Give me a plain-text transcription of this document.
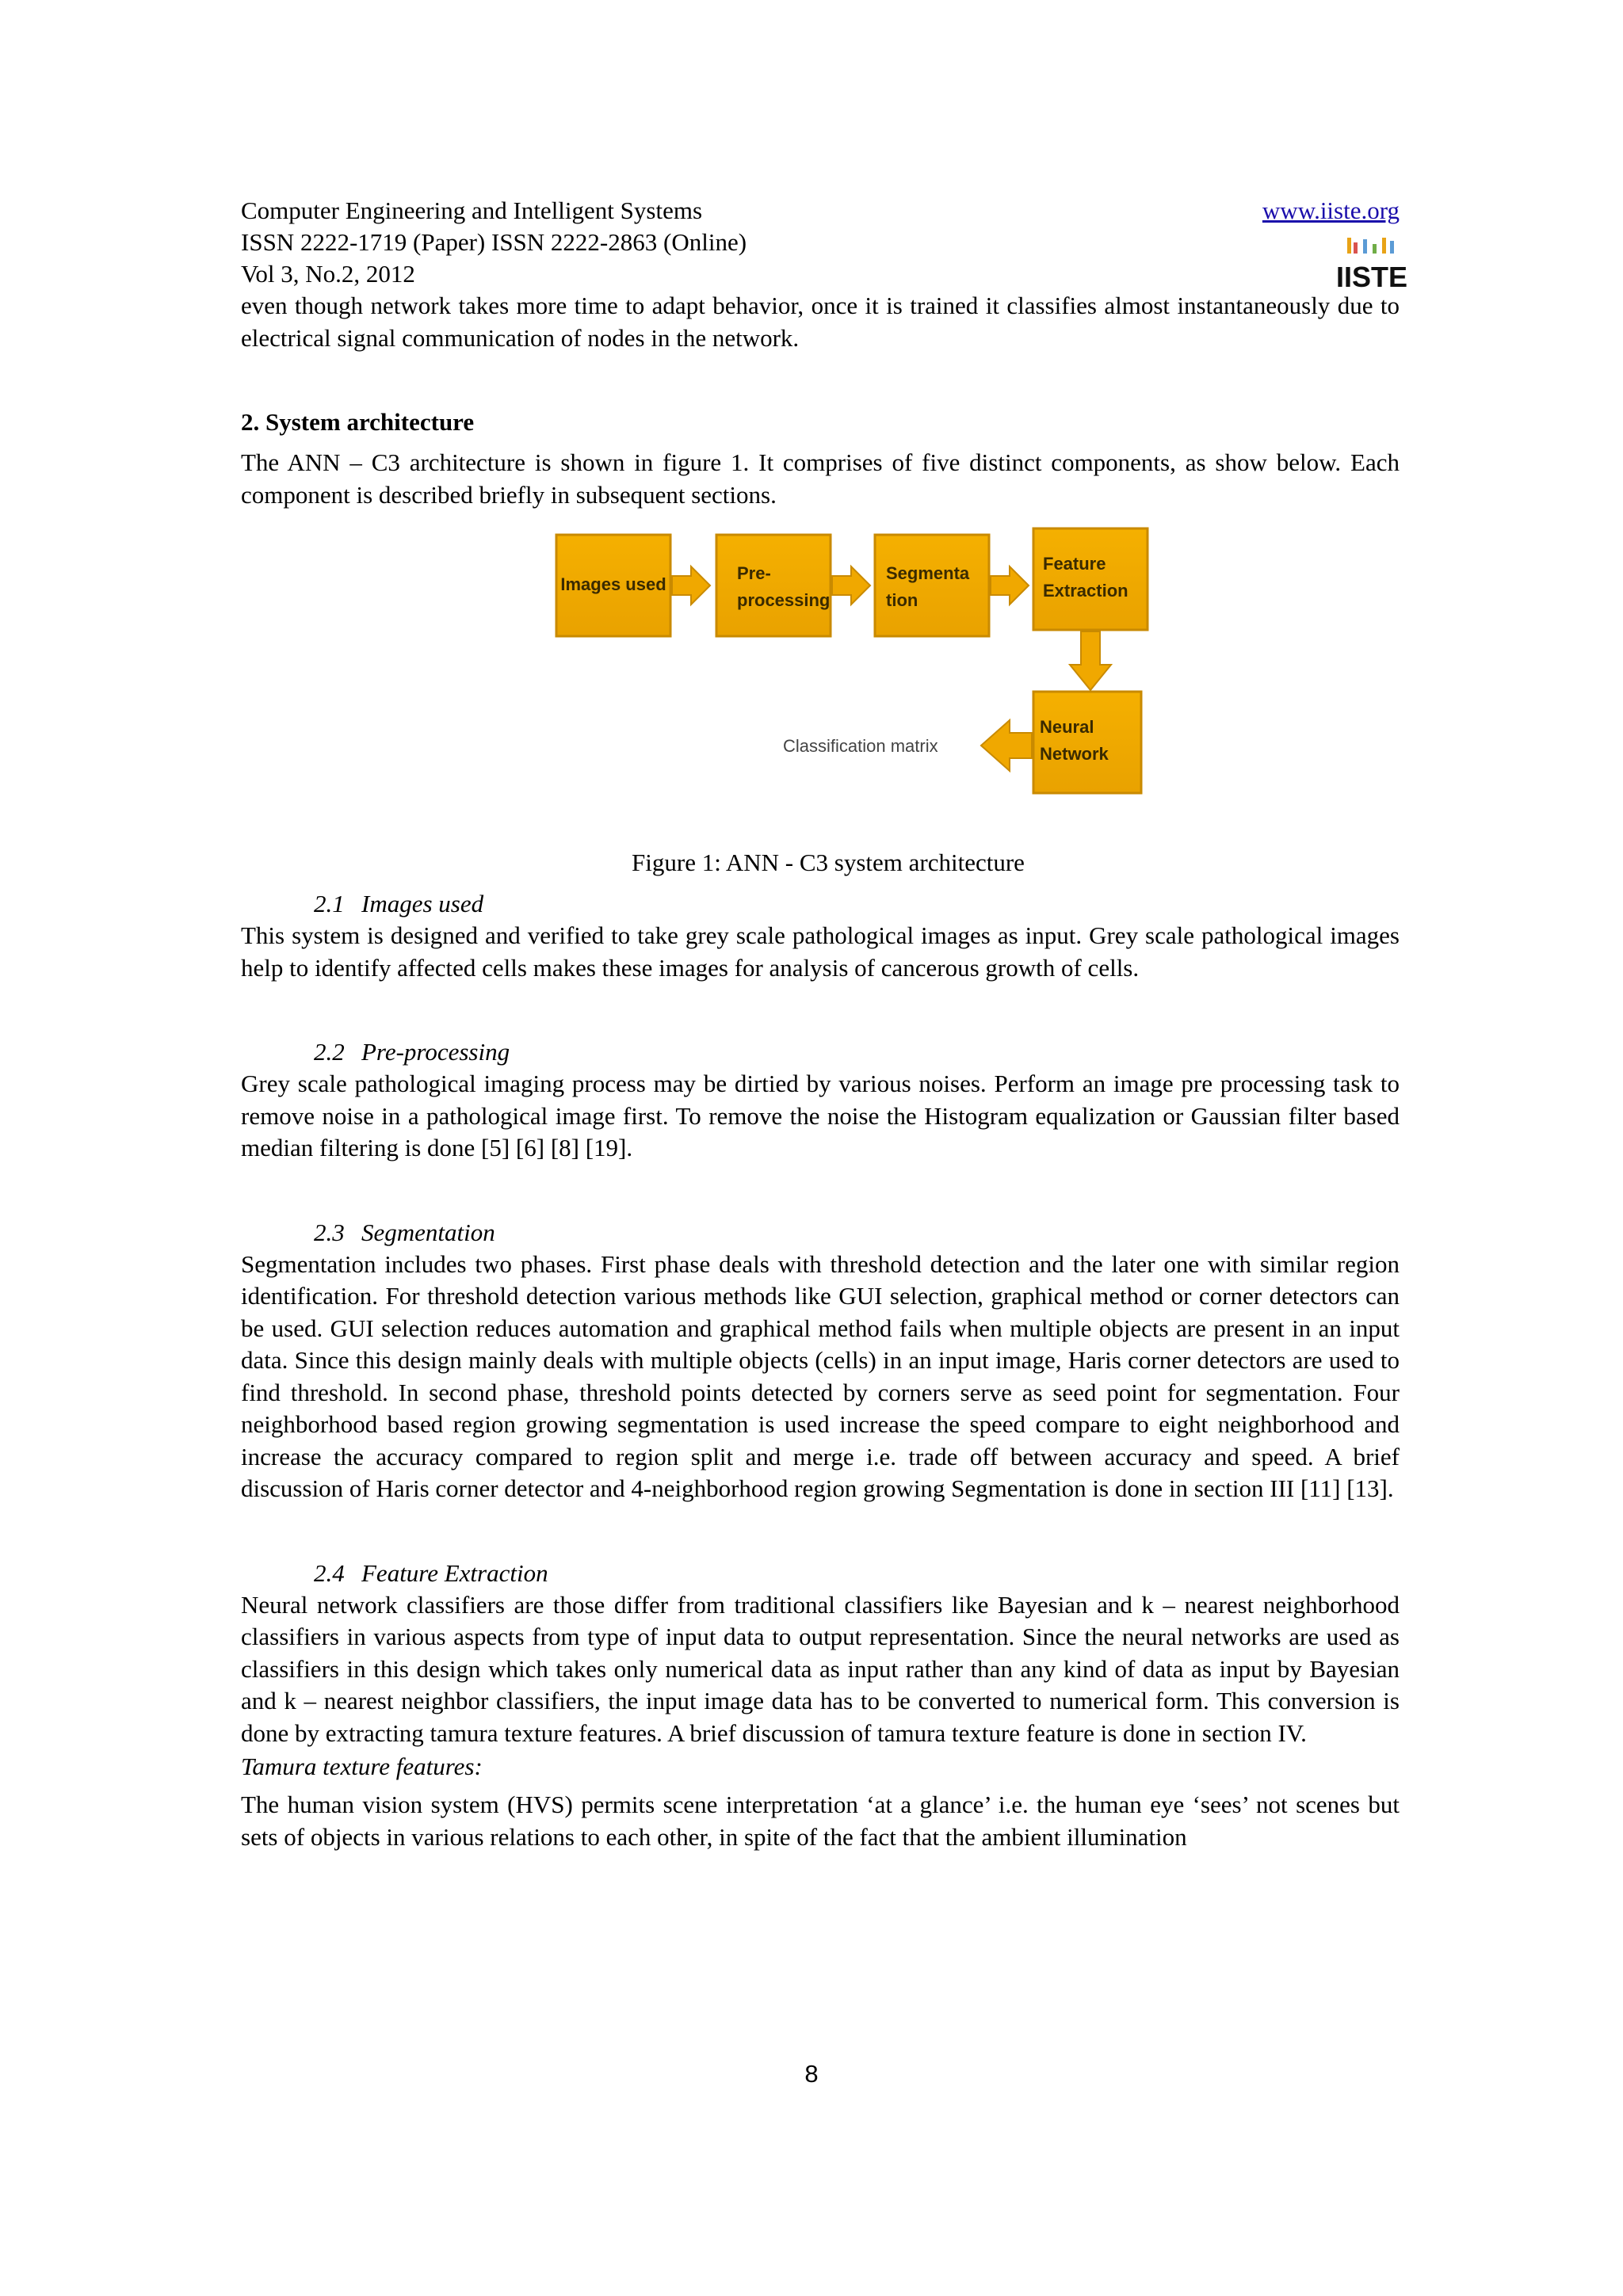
Computer Engineering and Intelligent Systems	www.iiste.org
ISSN 2222-1719 (Paper) ISSN 2222-2863 (Online)
Vol 3, No.2, 2012	IISTE

even though network takes more time to adapt behavior, once it is trained it classifies almost instantaneously due to electrical signal communication of nodes in the network.

2. System architecture

The ANN – C3 architecture is shown in figure 1. It comprises of five distinct components, as show below. Each component is described briefly in subsequent sections.

Images used
Pre-
processing
Segmenta
tion
Feature
Extraction
Neural
Network
Classification matrix
Figure 1: ANN - C3 system architecture
2.1 Images used

This system is designed and verified to take grey scale pathological images as input. Grey scale pathological images help to identify affected cells makes these images for analysis of cancerous growth of cells.

2.2 Pre-processing

Grey scale pathological imaging process may be dirtied by various noises. Perform an image pre processing task to remove noise in a pathological image first. To remove the noise the Histogram equalization or Gaussian filter based median filtering is done [5] [6] [8] [19].

2.3 Segmentation

Segmentation includes two phases. First phase deals with threshold detection and the later one with similar region identification. For threshold detection various methods like GUI selection, graphical method or corner detectors can be used. GUI selection reduces automation and graphical method fails when multiple objects are present in an input data. Since this design mainly deals with multiple objects (cells) in an input image, Haris corner detectors are used to find threshold. In second phase, threshold points detected by corners serve as seed point for segmentation. Four neighborhood based region growing segmentation is used increase the speed compare to eight neighborhood and increase the accuracy compared to region split and merge i.e. trade off between accuracy and speed. A brief discussion of Haris corner detector and 4-neighborhood region growing Segmentation is done in section III [11] [13].

2.4 Feature Extraction

Neural network classifiers are those differ from traditional classifiers like Bayesian and k – nearest neighborhood classifiers in various aspects from type of input data to output representation. Since the neural networks are used as classifiers in this design which takes only numerical data as input rather than any kind of data as input by Bayesian and k – nearest neighbor classifiers, the input image data has to be converted to numerical form. This conversion is done by extracting tamura texture features. A brief discussion of tamura texture feature is done in section IV.

Tamura texture features:

The human vision system (HVS) permits scene interpretation ‘at a glance’ i.e. the human eye ‘sees’ not scenes but sets of objects in various relations to each other, in spite of the fact that the ambient illumination

8
